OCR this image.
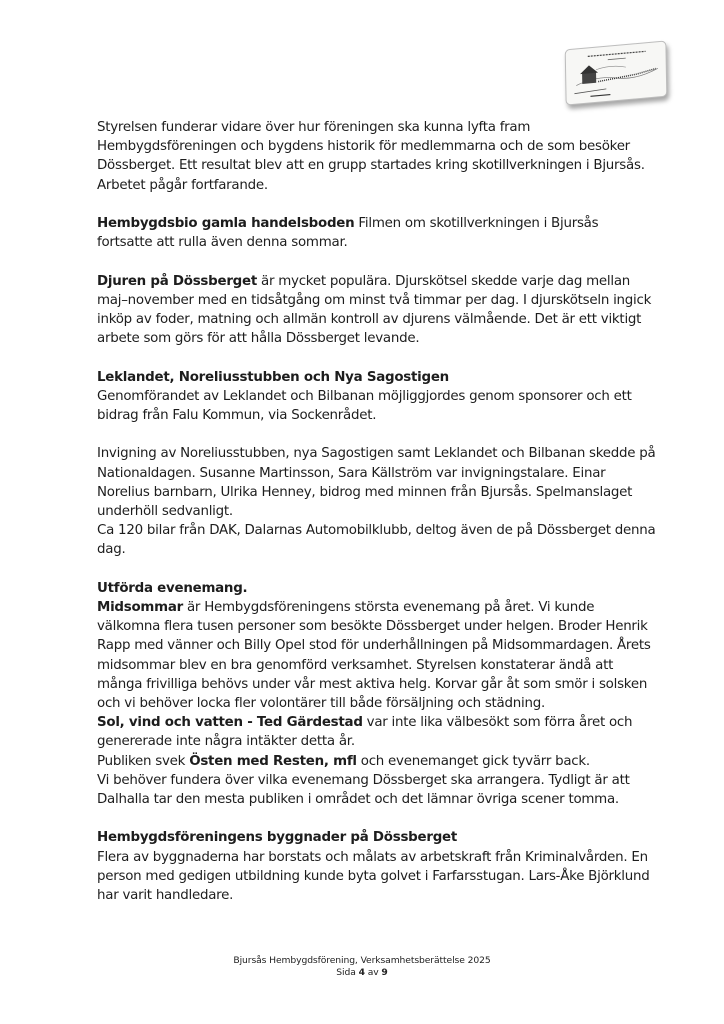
Styrelsen funderar vidare över hur föreningen ska kunna lyfta fram Hembygdsföreningen och bygdens historik för medlemmarna och de som besöker Dössberget. Ett resultat blev att en grupp startades kring skotillverkningen i Bjursås. Arbetet pågår fortfarande.

Hembygdsbio gamla handelsboden Filmen om skotillverkningen i Bjursås fortsatte att rulla även denna sommar.

Djuren på Dössberget är mycket populära. Djurskötsel skedde varje dag mellan maj–november med en tidsåtgång om minst två timmar per dag. I djurskötseln ingick inköp av foder, matning och allmän kontroll av djurens välmående. Det är ett viktigt arbete som görs för att hålla Dössberget levande.

Leklandet, Noreliusstubben och Nya Sagostigen

Genomförandet av Leklandet och Bilbanan möjliggjordes genom sponsorer och ett bidrag från Falu Kommun, via Sockenrådet.

Invigning av Noreliusstubben, nya Sagostigen samt Leklandet och Bilbanan skedde på Nationaldagen. Susanne Martinsson, Sara Källström var invigningstalare. Einar Norelius barnbarn, Ulrika Henney, bidrog med minnen från Bjursås. Spelmanslaget underhöll sedvanligt.

Ca 120 bilar från DAK, Dalarnas Automobilklubb, deltog även de på Dössberget denna dag.

Utförda evenemang.

Midsommar är Hembygdsföreningens största evenemang på året. Vi kunde välkomna flera tusen personer som besökte Dössberget under helgen. Broder Henrik Rapp med vänner och Billy Opel stod för underhållningen på Midsommardagen. Årets midsommar blev en bra genomförd verksamhet. Styrelsen konstaterar ändå att många frivilliga behövs under vår mest aktiva helg. Korvar går åt som smör i solsken och vi behöver locka fler volontärer till både försäljning och städning.

Sol, vind och vatten - Ted Gärdestad var inte lika välbesökt som förra året och genererade inte några intäkter detta år.

Publiken svek Östen med Resten, mfl och evenemanget gick tyvärr back.

Vi behöver fundera över vilka evenemang Dössberget ska arrangera. Tydligt är att Dalhalla tar den mesta publiken i området och det lämnar övriga scener tomma.

Hembygdsföreningens byggnader på Dössberget

Flera av byggnaderna har borstats och målats av arbetskraft från Kriminalvården. En person med gedigen utbildning kunde byta golvet i Farfarsstugan. Lars-Åke Björklund har varit handledare.

Bjursås Hembygdsförening, Verksamhetsberättelse 2025
Sida 4 av 9
